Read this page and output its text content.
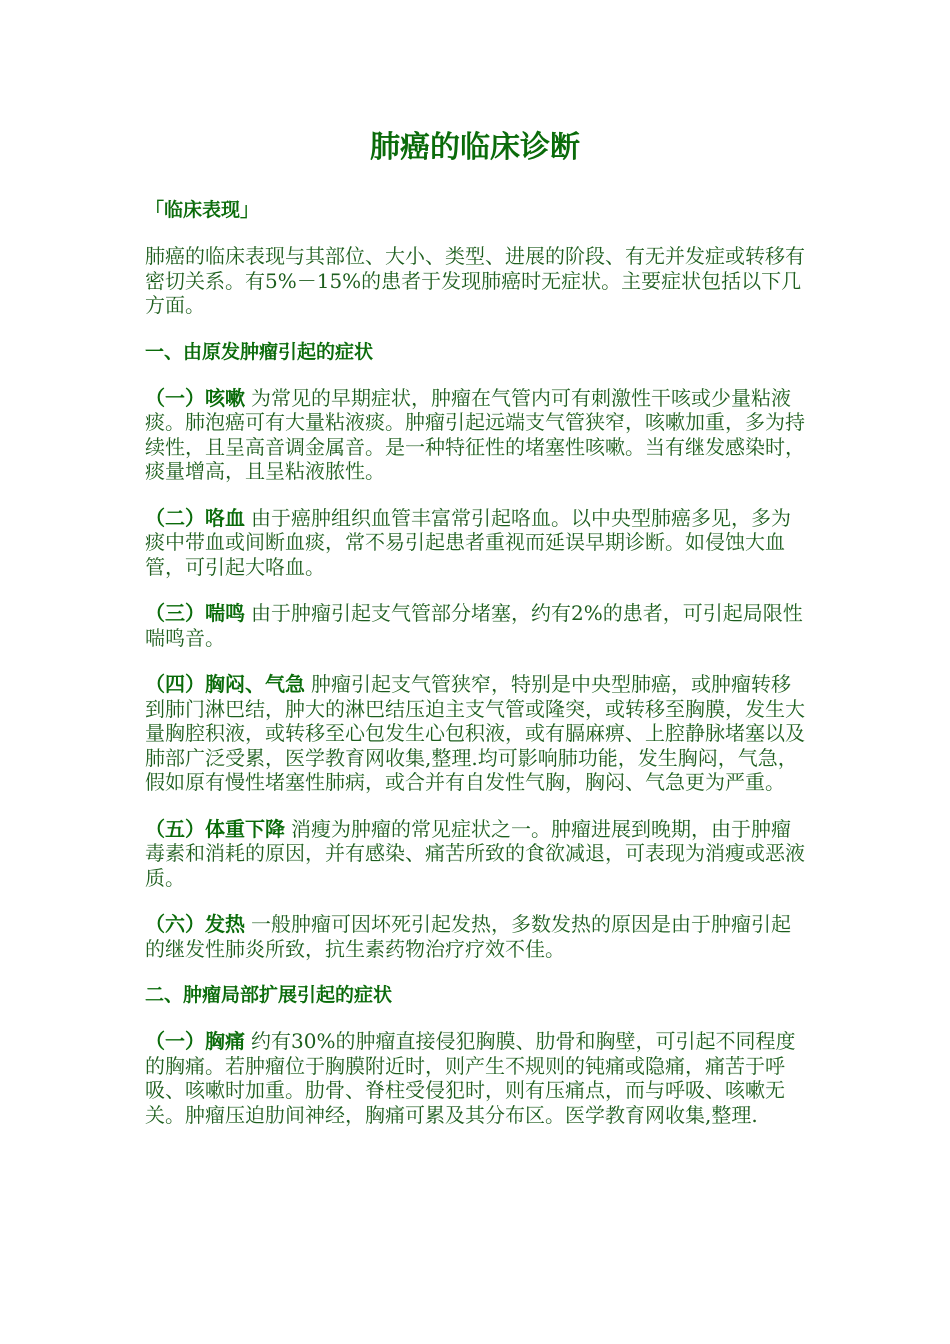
肺癌的临床诊断
「临床表现」

肺癌的临床表现与其部位、大小、类型、进展的阶段、有无并发症或转移有密切关系。有5%－15%的患者于发现肺癌时无症状。主要症状包括以下几方面。

一、由原发肿瘤引起的症状

（一）咳嗽 为常见的早期症状，肿瘤在气管内可有刺激性干咳或少量粘液痰。肺泡癌可有大量粘液痰。肿瘤引起远端支气管狭窄，咳嗽加重，多为持续性，且呈高音调金属音。是一种特征性的堵塞性咳嗽。当有继发感染时，痰量增高，且呈粘液脓性。

（二）咯血 由于癌肿组织血管丰富常引起咯血。以中央型肺癌多见，多为痰中带血或间断血痰，常不易引起患者重视而延误早期诊断。如侵蚀大血管，可引起大咯血。

（三）喘鸣 由于肿瘤引起支气管部分堵塞，约有2%的患者，可引起局限性喘鸣音。

（四）胸闷、气急 肿瘤引起支气管狭窄，特别是中央型肺癌，或肿瘤转移到肺门淋巴结，肿大的淋巴结压迫主支气管或隆突，或转移至胸膜，发生大量胸腔积液，或转移至心包发生心包积液，或有膈麻痹、上腔静脉堵塞以及肺部广泛受累，医学教育网收集,整理.均可影响肺功能，发生胸闷，气急，假如原有慢性堵塞性肺病，或合并有自发性气胸，胸闷、气急更为严重。

（五）体重下降 消瘦为肿瘤的常见症状之一。肿瘤进展到晚期，由于肿瘤毒素和消耗的原因，并有感染、痛苦所致的食欲减退，可表现为消瘦或恶液质。

（六）发热 一般肿瘤可因坏死引起发热，多数发热的原因是由于肿瘤引起的继发性肺炎所致，抗生素药物治疗疗效不佳。

二、肿瘤局部扩展引起的症状

（一）胸痛 约有30%的肿瘤直接侵犯胸膜、肋骨和胸壁，可引起不同程度的胸痛。若肿瘤位于胸膜附近时，则产生不规则的钝痛或隐痛，痛苦于呼吸、咳嗽时加重。肋骨、脊柱受侵犯时，则有压痛点，而与呼吸、咳嗽无关。肿瘤压迫肋间神经，胸痛可累及其分布区。医学教育网收集,整理.
